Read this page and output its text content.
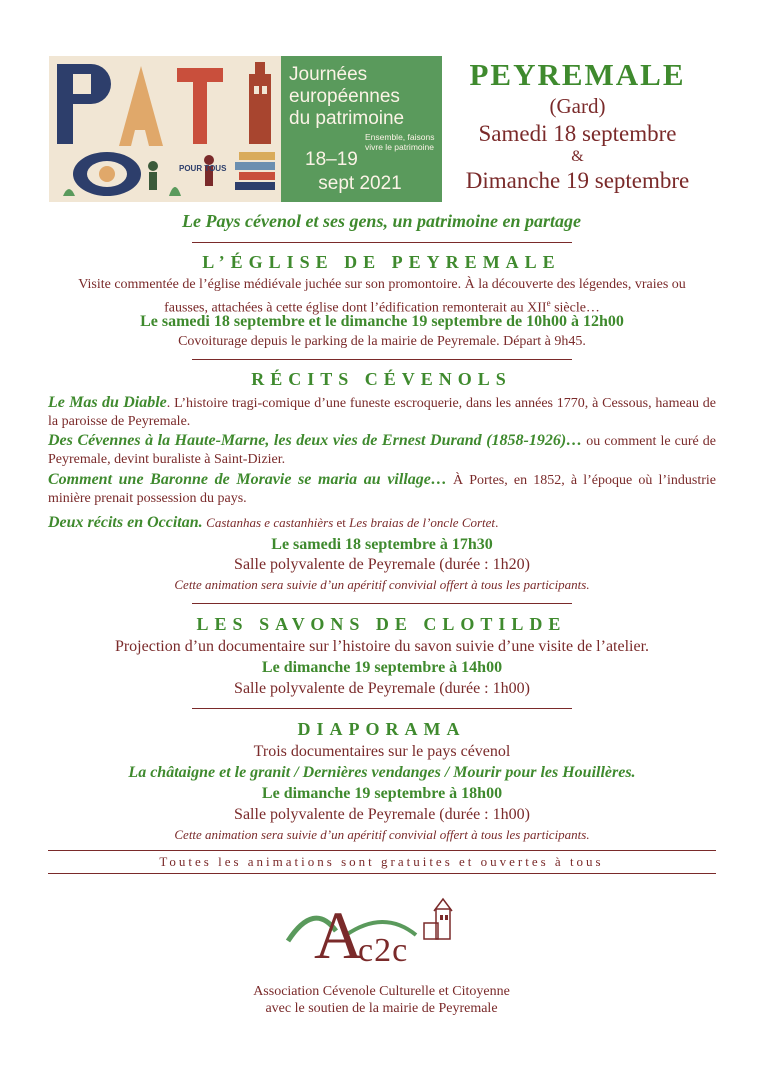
POUR TOUS
Journées
européennes
du patrimoine
Ensemble, faisons vivre le patrimoine
18–19
sept 2021
PEYREMALE
(Gard)
Samedi 18 septembre
&
Dimanche 19 septembre
Le Pays cévenol et ses gens, un patrimoine en partage
L’ÉGLISE DE PEYREMALE
Visite commentée de l’église médiévale juchée sur son promontoire. À la découverte des légendes, vraies ou
fausses, attachées à cette église dont l’édification remonterait au XIIe siècle…
Le samedi 18 septembre et le dimanche 19 septembre de 10h00 à 12h00
Covoiturage depuis le parking de la mairie de Peyremale. Départ à 9h45.
RÉCITS CÉVENOLS
Le Mas du Diable. L’histoire tragi-comique d’une funeste escroquerie, dans les années 1770, à Cessous, hameau de la paroisse de Peyremale.
Des Cévennes à la Haute-Marne, les deux vies de Ernest Durand (1858-1926)… ou comment le curé de Peyremale, devint buraliste à Saint-Dizier.
Comment une Baronne de Moravie se maria au village… À Portes, en 1852, à l’époque où l’industrie minière prenait possession du pays.
Deux récits en Occitan. Castanhas e castanhièrs et Les braias de l’oncle Cortet.
Le samedi 18 septembre à 17h30
Salle polyvalente de Peyremale (durée : 1h20)
Cette animation sera suivie d’un apéritif convivial offert à tous les participants.
LES SAVONS DE CLOTILDE
Projection d’un documentaire sur l’histoire du savon suivie d’une visite de l’atelier.
Le dimanche 19 septembre à 14h00
Salle polyvalente de Peyremale (durée : 1h00)
DIAPORAMA
Trois documentaires sur le pays cévenol
La châtaigne et le granit / Dernières vendanges / Mourir pour les Houillères.
Le dimanche 19 septembre à 18h00
Salle polyvalente de Peyremale (durée : 1h00)
Cette animation sera suivie d’un apéritif convivial offert à tous les participants.
Toutes les animations sont gratuites et ouvertes à tous
A
c2c
Association Cévenole Culturelle et Citoyenne
avec le soutien de la mairie de Peyremale
